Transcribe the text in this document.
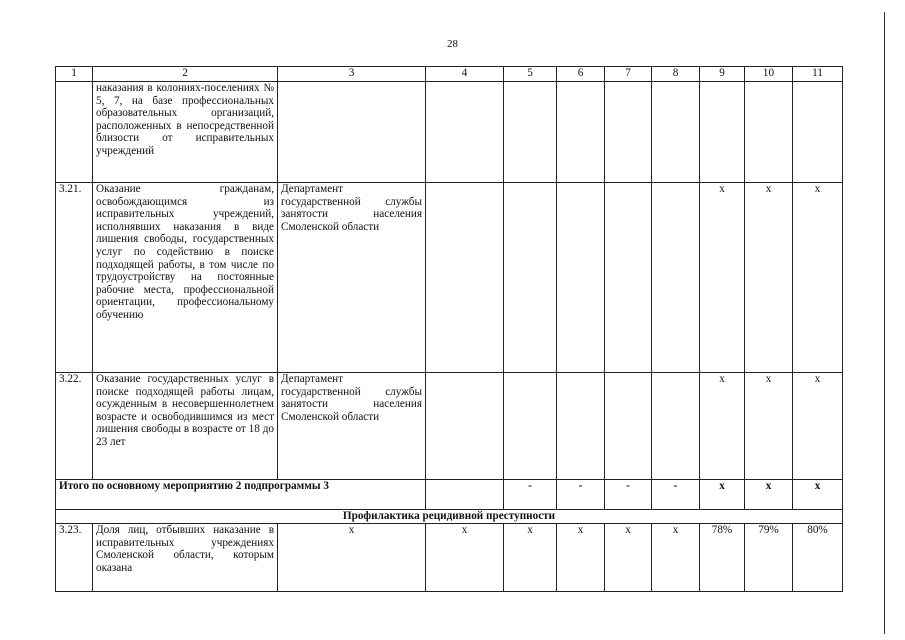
28
1	2	3	4	5	6	7	8	9	10	11
	наказания в колониях-поселениях № 5, 7, на базе профессиональных образовательных организаций, расположенных в непосредственной близости от исправительных учреждений									
3.21.	Оказание гражданам, освобождающимся из исправительных учреждений, исполнявших наказания в виде лишения свободы, государственных услуг по содействию в поиске подходящей работы, в том числе по трудоустройству на постоянные рабочие места, профессиональной ориентации, профессиональному обучению	Департамент государственной службы занятости населения Смоленской области						х	х	х
3.22.	Оказание государственных услуг в поиске подходящей работы лицам, осужденным в несовершеннолетнем возрасте и освободившимся из мест лишения свободы в возрасте от 18 до 23 лет	Департамент государственной службы занятости населения Смоленской области						х	х	х
Итого по основному мероприятию 2 подпрограммы 3				-	-	-	-	х	х	х
Профилактика рецидивной преступности										
3.23.	Доля лиц, отбывших наказание в исправительных учреждениях Смоленской области, которым оказана	х	х	х	х	х	х	78%	79%	80%
